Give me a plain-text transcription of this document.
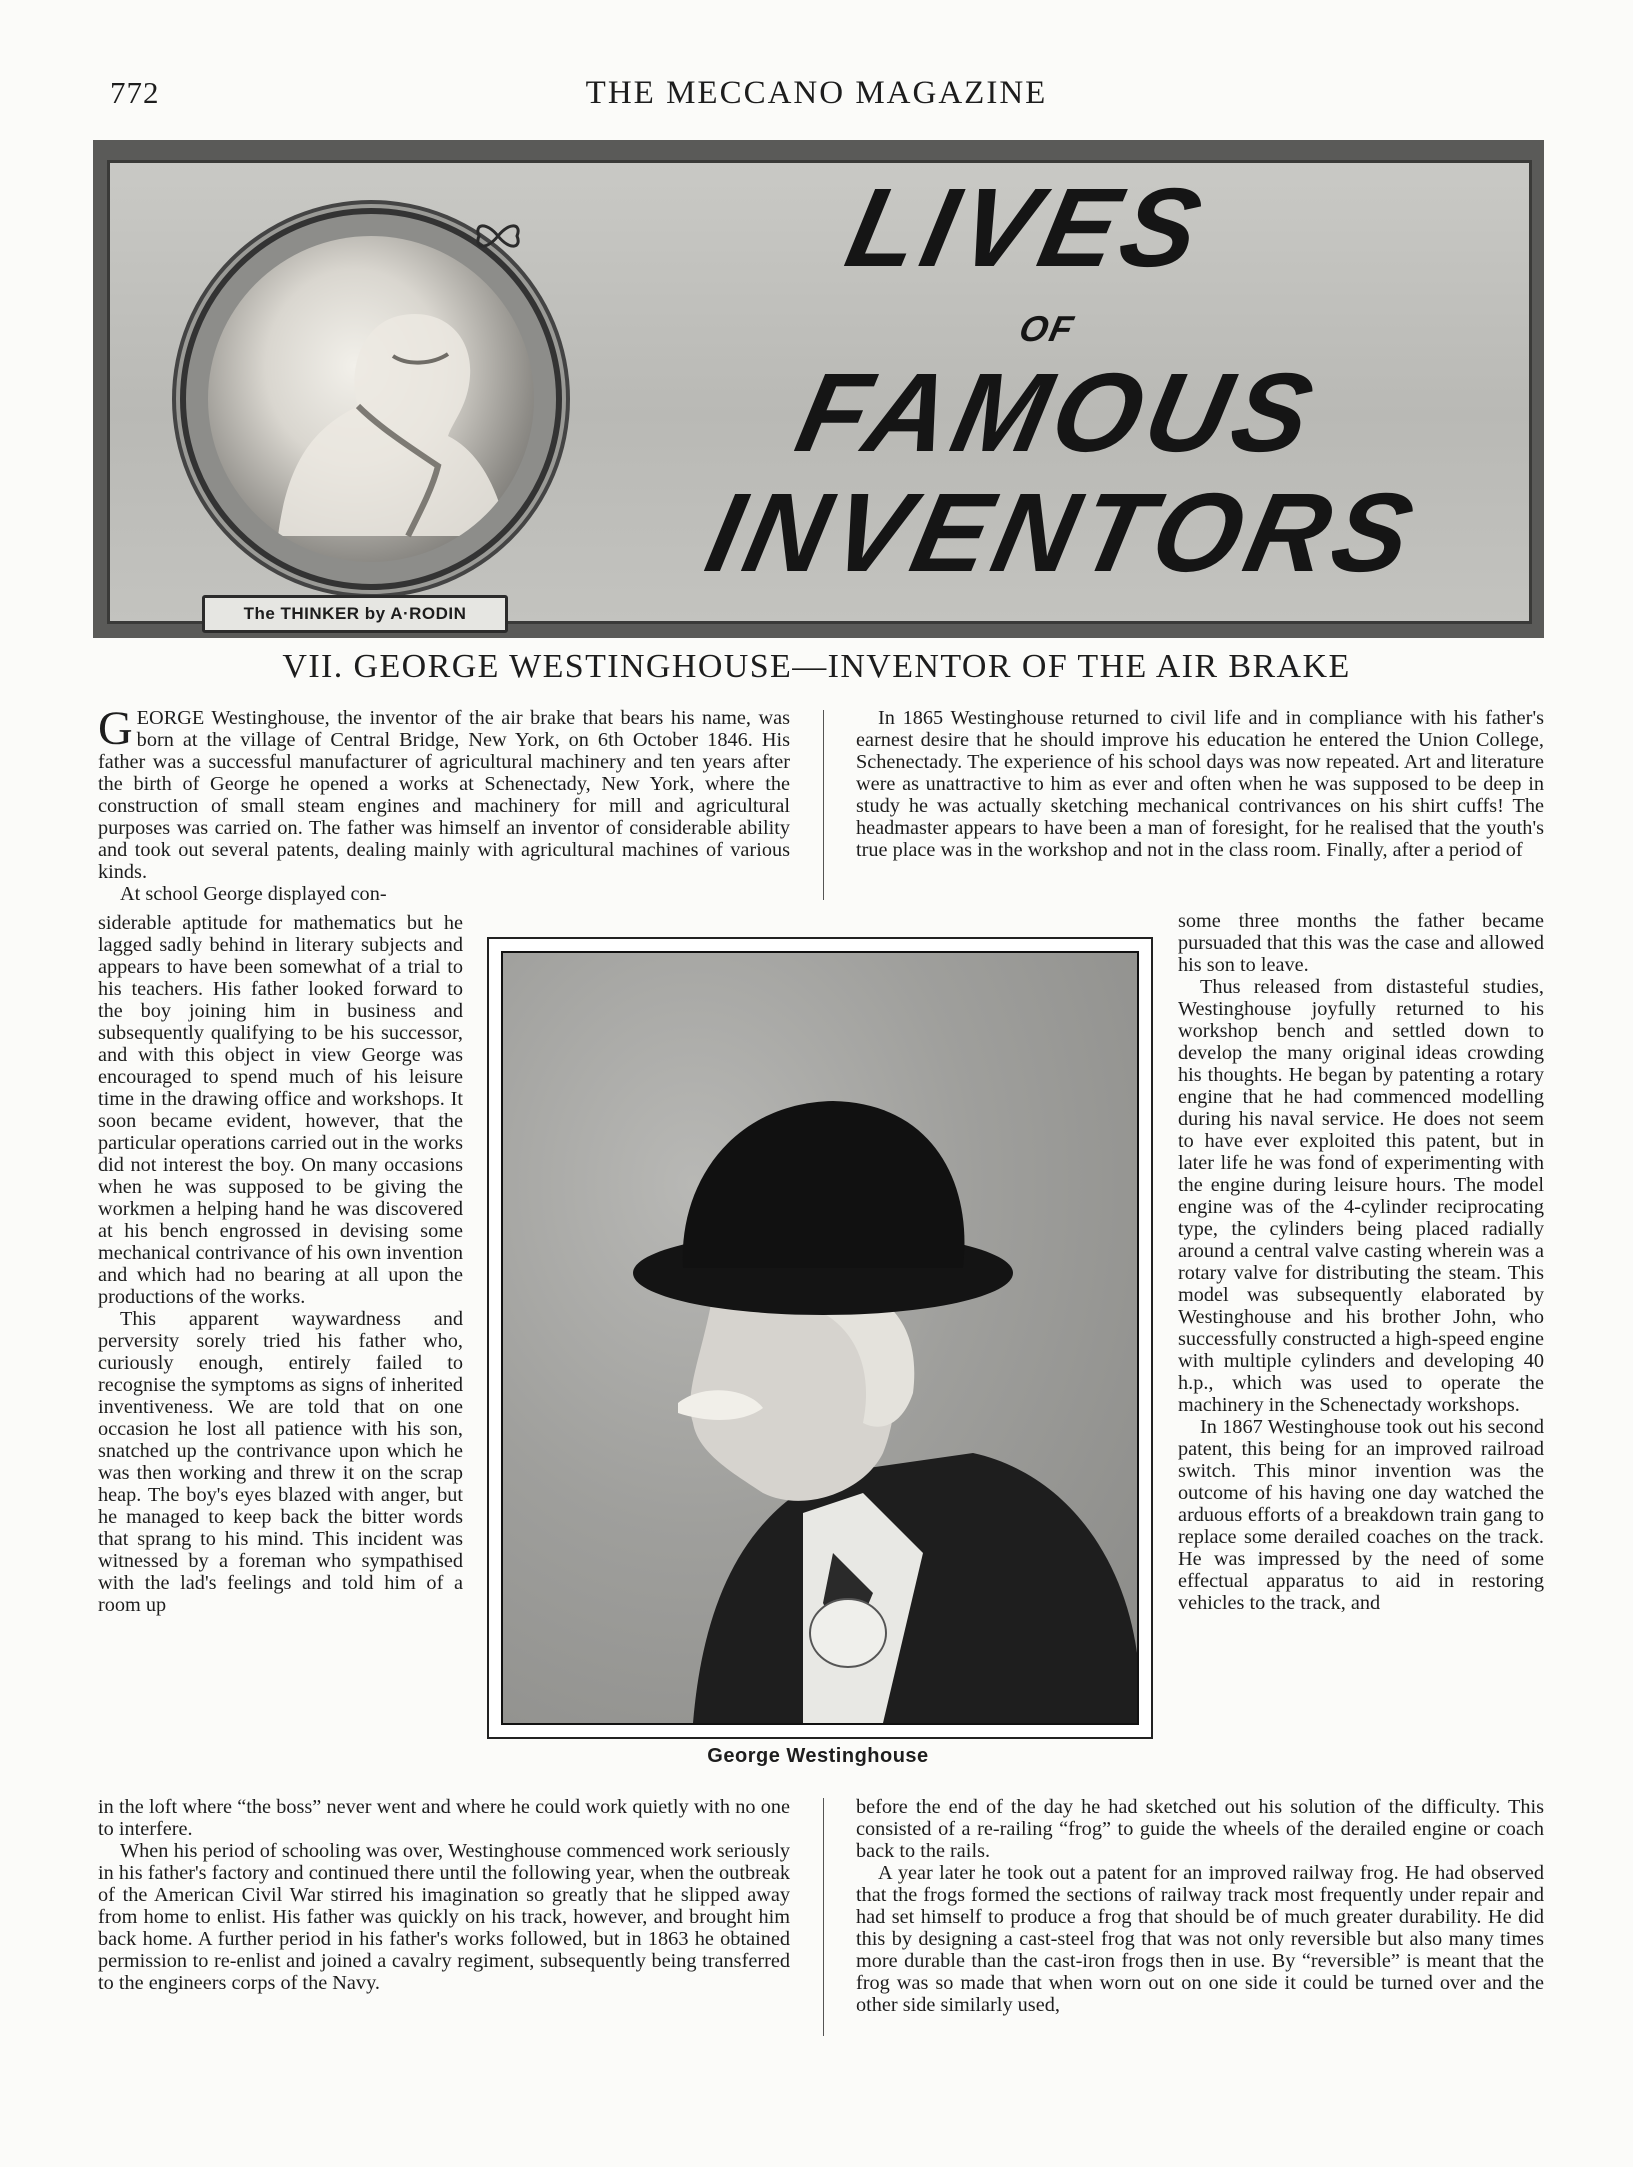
772	THE MECCANO MAGAZINE
The THINKER by A·RODIN
LIVES
OF
FAMOUS
INVENTORS
VII. GEORGE WESTINGHOUSE—INVENTOR OF THE AIR BRAKE

GEORGE Westinghouse, the inventor of the air brake that bears his name, was born at the village of Central Bridge, New York, on 6th October 1846. His father was a successful manufacturer of agricultural machinery and ten years after the birth of George he opened a works at Schenectady, New York, where the construction of small steam engines and machinery for mill and agricultural purposes was carried on. The father was himself an inventor of considerable ability and took out several patents, dealing mainly with agricultural machines of various kinds.

At school George displayed con-

siderable aptitude for mathematics but he lagged sadly behind in literary subjects and appears to have been somewhat of a trial to his teachers. His father looked forward to the boy joining him in business and subsequently qualifying to be his successor, and with this object in view George was encouraged to spend much of his leisure time in the drawing office and workshops. It soon became evident, however, that the particular operations carried out in the works did not interest the boy. On many occasions when he was supposed to be giving the workmen a helping hand he was discovered at his bench engrossed in devising some mechanical contrivance of his own invention and which had no bearing at all upon the productions of the works.

This apparent waywardness and perversity sorely tried his father who, curiously enough, entirely failed to recognise the symptoms as signs of inherited inventiveness. We are told that on one occasion he lost all patience with his son, snatched up the contrivance upon which he was then working and threw it on the scrap heap. The boy's eyes blazed with anger, but he managed to keep back the bitter words that sprang to his mind. This incident was witnessed by a foreman who sympathised with the lad's feelings and told him of a room up

in the loft where “the boss” never went and where he could work quietly with no one to interfere.

When his period of schooling was over, Westinghouse commenced work seriously in his father's factory and continued there until the following year, when the outbreak of the American Civil War stirred his imagination so greatly that he slipped away from home to enlist. His father was quickly on his track, however, and brought him back home. A further period in his father's works followed, but in 1863 he obtained permission to re-enlist and joined a cavalry regiment, subsequently being transferred to the engineers corps of the Navy.

In 1865 Westinghouse returned to civil life and in compliance with his father's earnest desire that he should improve his education he entered the Union College, Schenectady. The experience of his school days was now repeated. Art and literature were as unattractive to him as ever and often when he was supposed to be deep in study he was actually sketching mechanical contrivances on his shirt cuffs! The headmaster appears to have been a man of foresight, for he realised that the youth's true place was in the workshop and not in the class room. Finally, after a period of

some three months the father became pursuaded that this was the case and allowed his son to leave.

Thus released from distasteful studies, Westinghouse joyfully returned to his workshop bench and settled down to develop the many original ideas crowding his thoughts. He began by patenting a rotary engine that he had commenced modelling during his naval service. He does not seem to have ever exploited this patent, but in later life he was fond of experimenting with the engine during leisure hours. The model engine was of the 4-cylinder reciprocating type, the cylinders being placed radially around a central valve casting wherein was a rotary valve for distributing the steam. This model was subsequently elaborated by Westinghouse and his brother John, who successfully constructed a high-speed engine with multiple cylinders and developing 40 h.p., which was used to operate the machinery in the Schenectady workshops.

In 1867 Westinghouse took out his second patent, this being for an improved railroad switch. This minor invention was the outcome of his having one day watched the arduous efforts of a breakdown train gang to replace some derailed coaches on the track. He was impressed by the need of some effectual apparatus to aid in restoring vehicles to the track, and

before the end of the day he had sketched out his solution of the difficulty. This consisted of a re-railing “frog” to guide the wheels of the derailed engine or coach back to the rails.

A year later he took out a patent for an improved railway frog. He had observed that the frogs formed the sections of railway track most frequently under repair and had set himself to produce a frog that should be of much greater durability. He did this by designing a cast-steel frog that was not only reversible but also many times more durable than the cast-iron frogs then in use. By “reversible” is meant that the frog was so made that when worn out on one side it could be turned over and the other side similarly used,

George Westinghouse
